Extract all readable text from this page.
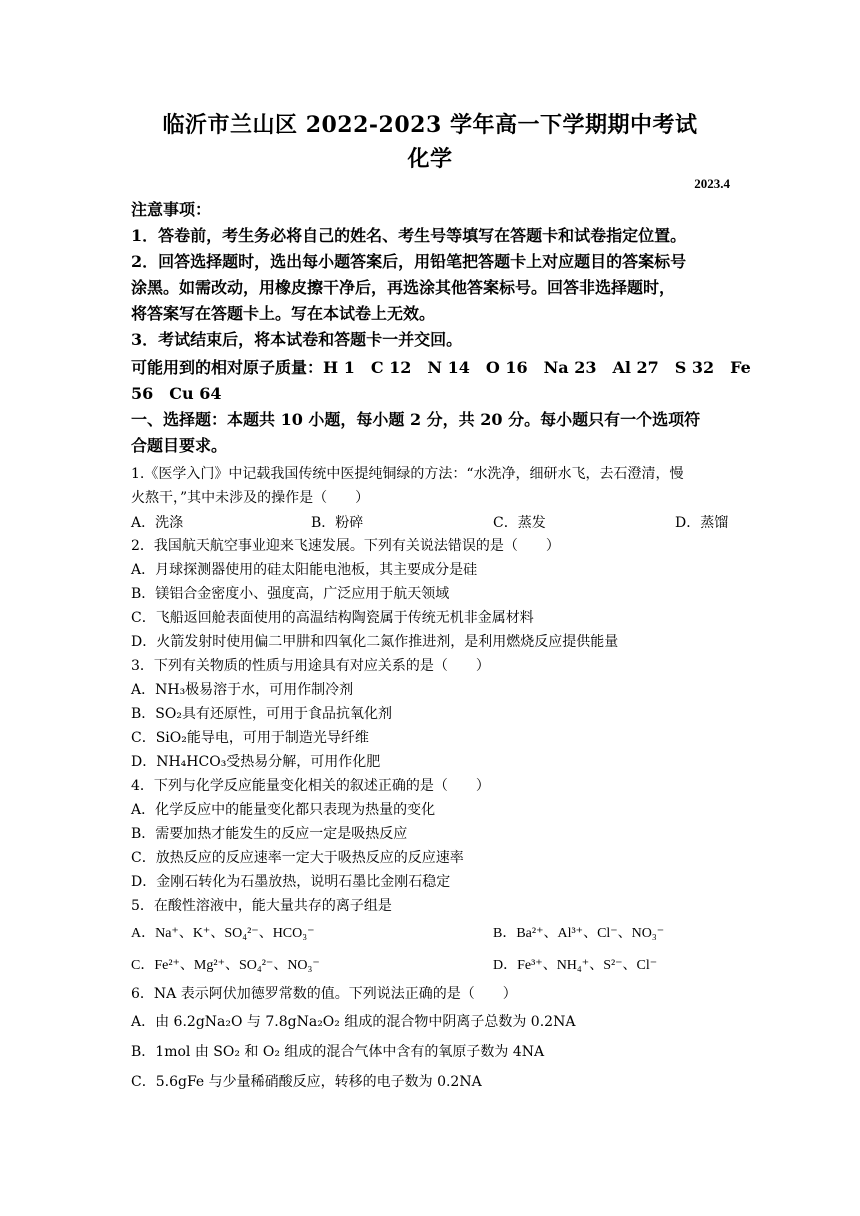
临沂市兰山区 2022-2023 学年高一下学期期中考试
化学
2023.4
注意事项：
1．答卷前，考生务必将自己的姓名、考生号等填写在答题卡和试卷指定位置。
2．回答选择题时，选出每小题答案后，用铅笔把答题卡上对应题目的答案标号
涂黑。如需改动，用橡皮擦干净后，再选涂其他答案标号。回答非选择题时，
将答案写在答题卡上。写在本试卷上无效。
3．考试结束后，将本试卷和答题卡一并交回。
可能用到的相对原子质量：H 1　C 12　N 14　O 16　Na 23　Al 27　S 32　Fe
56　Cu 64
一、选择题：本题共 10 小题，每小题 2 分，共 20 分。每小题只有一个选项符
合题目要求。
1.《医学入门》中记载我国传统中医提纯铜绿的方法：“水洗净，细研水飞，去石澄清，慢
火熬干，”其中未涉及的操作是（　　）
A．洗涤	B．粉碎	C．蒸发	D．蒸馏
2．我国航天航空事业迎来飞速发展。下列有关说法错误的是（　　）
A．月球探测器使用的硅太阳能电池板，其主要成分是硅
B．镁铝合金密度小、强度高，广泛应用于航天领域
C．飞船返回舱表面使用的高温结构陶瓷属于传统无机非金属材料
D．火箭发射时使用偏二甲肼和四氧化二氮作推进剂，是利用燃烧反应提供能量
3．下列有关物质的性质与用途具有对应关系的是（　　）
A．NH₃极易溶于水，可用作制冷剂
B．SO₂具有还原性，可用于食品抗氧化剂
C．SiO₂能导电，可用于制造光导纤维
D．NH₄HCO₃受热易分解，可用作化肥
4．下列与化学反应能量变化相关的叙述正确的是（　　）
A．化学反应中的能量变化都只表现为热量的变化
B．需要加热才能发生的反应一定是吸热反应
C．放热反应的反应速率一定大于吸热反应的反应速率
D．金刚石转化为石墨放热，说明石墨比金刚石稳定
5．在酸性溶液中，能大量共存的离子组是
A．Na⁺、K⁺、SO₄²⁻、HCO₃⁻	B．Ba²⁺、Al³⁺、Cl⁻、NO₃⁻
C．Fe²⁺、Mg²⁺、SO₄²⁻、NO₃⁻	D．Fe³⁺、NH₄⁺、S²⁻、Cl⁻
6．NA 表示阿伏加德罗常数的值。下列说法正确的是（　　）
A．由 6.2gNa₂O 与 7.8gNa₂O₂ 组成的混合物中阴离子总数为 0.2NA
B．1mol 由 SO₂ 和 O₂ 组成的混合气体中含有的氧原子数为 4NA
C．5.6gFe 与少量稀硝酸反应，转移的电子数为 0.2NA
